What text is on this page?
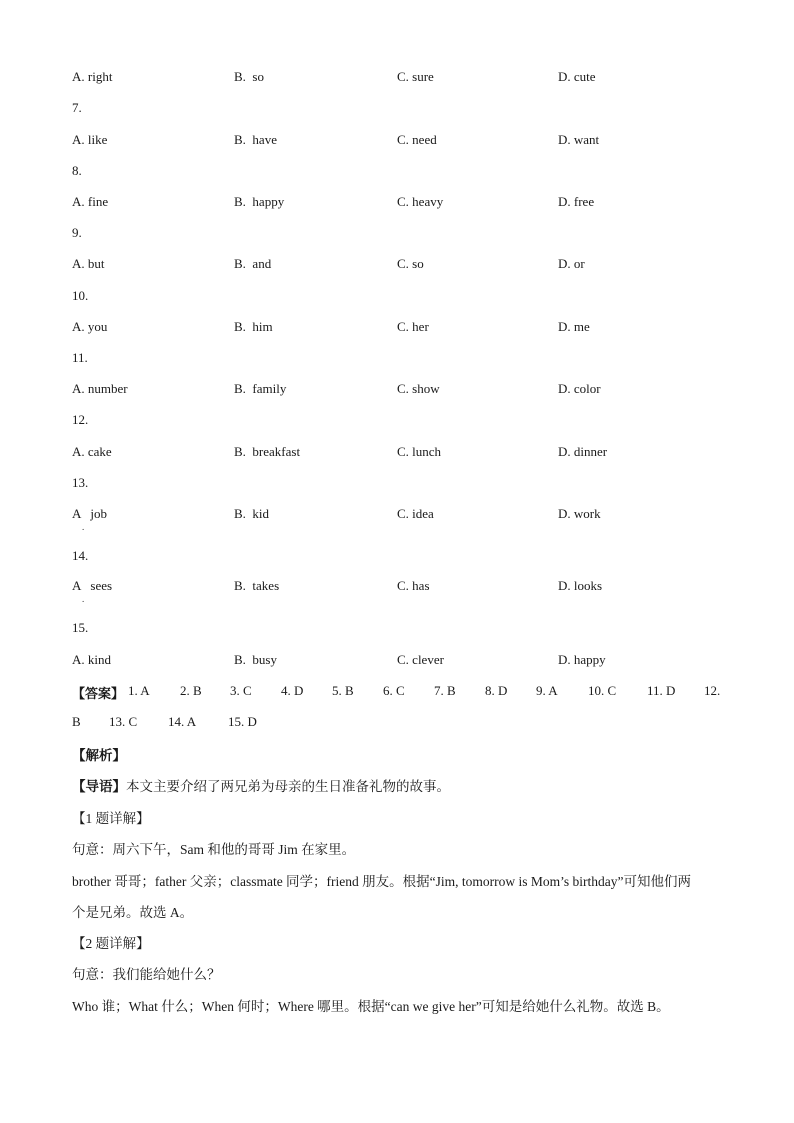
A. right	B.  so	C. sure	D. cute
7.
A. like	B.  have	C. need	D. want
8.
A. fine	B.  happy	C. heavy	D. free
9.
A. but	B.  and	C. so	D. or
10.
A. you	B.  him	C. her	D. me
11.
A. number	B.  family	C. show	D. color
12.
A. cake	B.  breakfast	C. lunch	D. dinner
13.
A   job	B.  kid	C. idea	D. work
.
14.
A   sees	B.  takes	C. has	D. looks
.
15.
A. kind	B.  busy	C. clever	D. happy
【答案】 1. A 2. B 3. C 4. D 5. B 6. C 7. B 8. D 9. A 10. C 11. D 12.
B 13. C 14. A 15. D
【解析】
【导语】本文主要介绍了两兄弟为母亲的生日准备礼物的故事。
【1 题详解】
句意：周六下午，Sam 和他的哥哥 Jim 在家里。
brother 哥哥；father 父亲；classmate 同学；friend 朋友。根据“Jim, tomorrow is Mom’s birthday”可知他们两
个是兄弟。故选 A。
【2 题详解】
句意：我们能给她什么？
Who 谁；What 什么；When 何时；Where 哪里。根据“can we give her”可知是给她什么礼物。故选 B。
